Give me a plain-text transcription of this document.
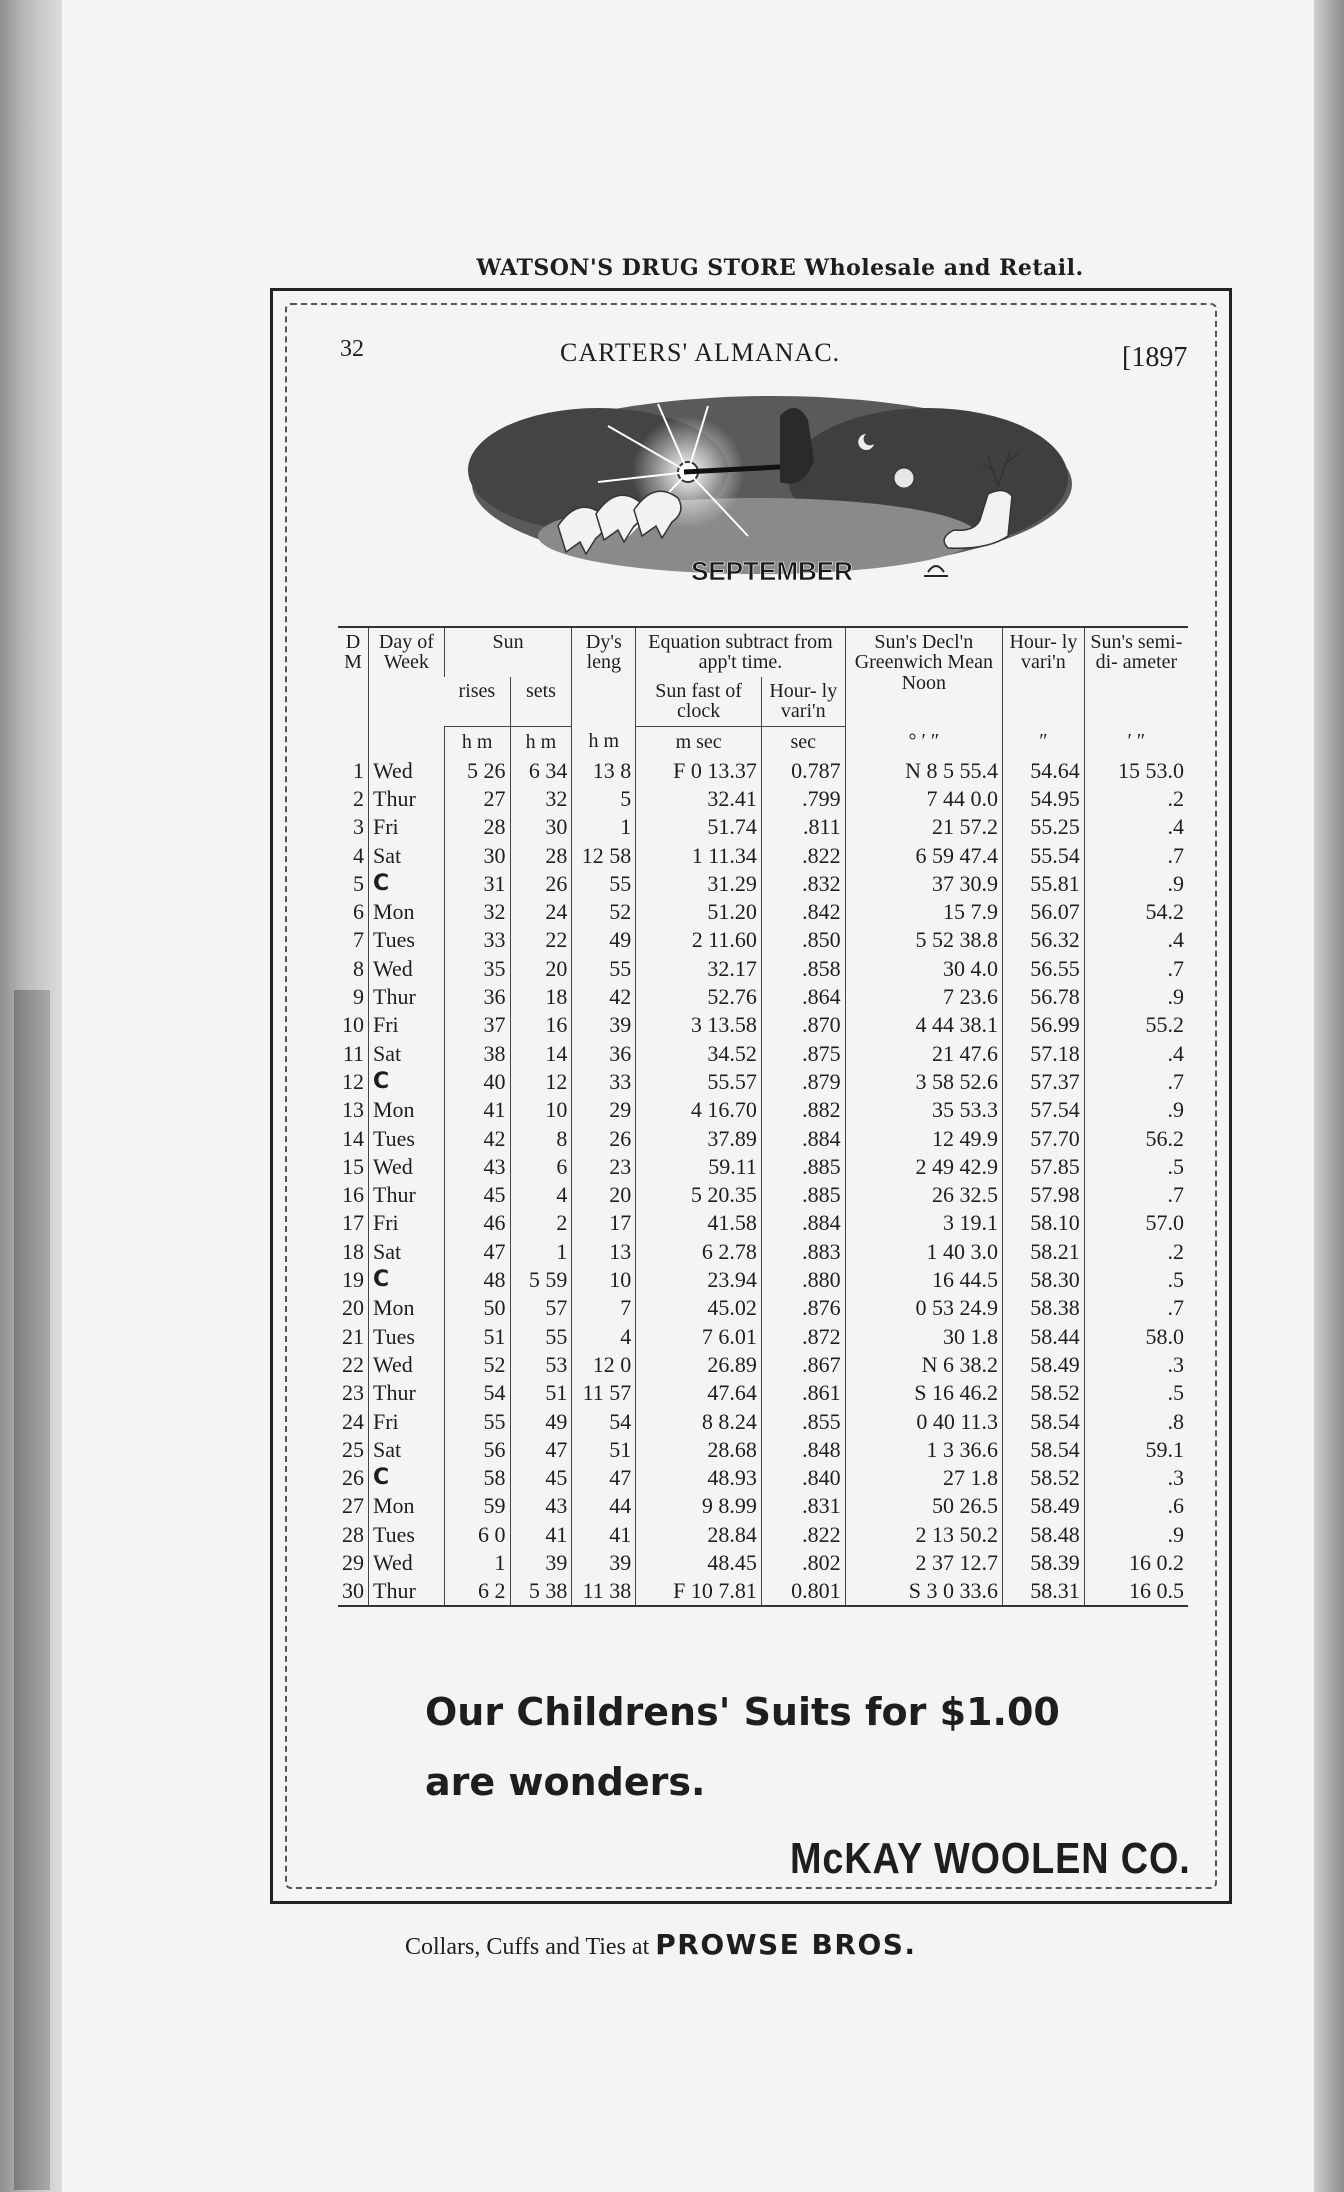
WATSON'S DRUG STORE Wholesale and Retail.
32	CARTERS' ALMANAC.	[1897
SEPTEMBER
D M	Day of Week	Sun		Dy's leng	Equation subtract from app't time.		Sun's Decl'n Greenwich Mean Noon	Hour- ly vari'n	Sun's semi-di- ameter
		rises	sets		Sun fast of clock	Hour- ly vari'n			
		h m	h m	h m	m sec	sec	° ′ ″	″	′ ″
1	Wed	5 26	6 34	13 8	F 0 13.37	0.787	N 8 5 55.4	54.64	15 53.0
2	Thur	27	32	5	32.41	.799	7 44 0.0	54.95	.2
3	Fri	28	30	1	51.74	.811	21 57.2	55.25	.4
4	Sat	30	28	12 58	1 11.34	.822	6 59 47.4	55.54	.7
5	C	31	26	55	31.29	.832	37 30.9	55.81	.9
6	Mon	32	24	52	51.20	.842	15 7.9	56.07	54.2
7	Tues	33	22	49	2 11.60	.850	5 52 38.8	56.32	.4
8	Wed	35	20	55	32.17	.858	30 4.0	56.55	.7
9	Thur	36	18	42	52.76	.864	7 23.6	56.78	.9
10	Fri	37	16	39	3 13.58	.870	4 44 38.1	56.99	55.2
11	Sat	38	14	36	34.52	.875	21 47.6	57.18	.4
12	C	40	12	33	55.57	.879	3 58 52.6	57.37	.7
13	Mon	41	10	29	4 16.70	.882	35 53.3	57.54	.9
14	Tues	42	8	26	37.89	.884	12 49.9	57.70	56.2
15	Wed	43	6	23	59.11	.885	2 49 42.9	57.85	.5
16	Thur	45	4	20	5 20.35	.885	26 32.5	57.98	.7
17	Fri	46	2	17	41.58	.884	3 19.1	58.10	57.0
18	Sat	47	1	13	6 2.78	.883	1 40 3.0	58.21	.2
19	C	48	5 59	10	23.94	.880	16 44.5	58.30	.5
20	Mon	50	57	7	45.02	.876	0 53 24.9	58.38	.7
21	Tues	51	55	4	7 6.01	.872	30 1.8	58.44	58.0
22	Wed	52	53	12 0	26.89	.867	N 6 38.2	58.49	.3
23	Thur	54	51	11 57	47.64	.861	S 16 46.2	58.52	.5
24	Fri	55	49	54	8 8.24	.855	0 40 11.3	58.54	.8
25	Sat	56	47	51	28.68	.848	1 3 36.6	58.54	59.1
26	C	58	45	47	48.93	.840	27 1.8	58.52	.3
27	Mon	59	43	44	9 8.99	.831	50 26.5	58.49	.6
28	Tues	6 0	41	41	28.84	.822	2 13 50.2	58.48	.9
29	Wed	1	39	39	48.45	.802	2 37 12.7	58.39	16 0.2
30	Thur	6 2	5 38	11 38	F 10 7.81	0.801	S 3 0 33.6	58.31	16 0.5
Our Childrens' Suits for $1.00
are wonders.
McKAY WOOLEN CO.
Collars, Cuffs and Ties at PROWSE BROS.
